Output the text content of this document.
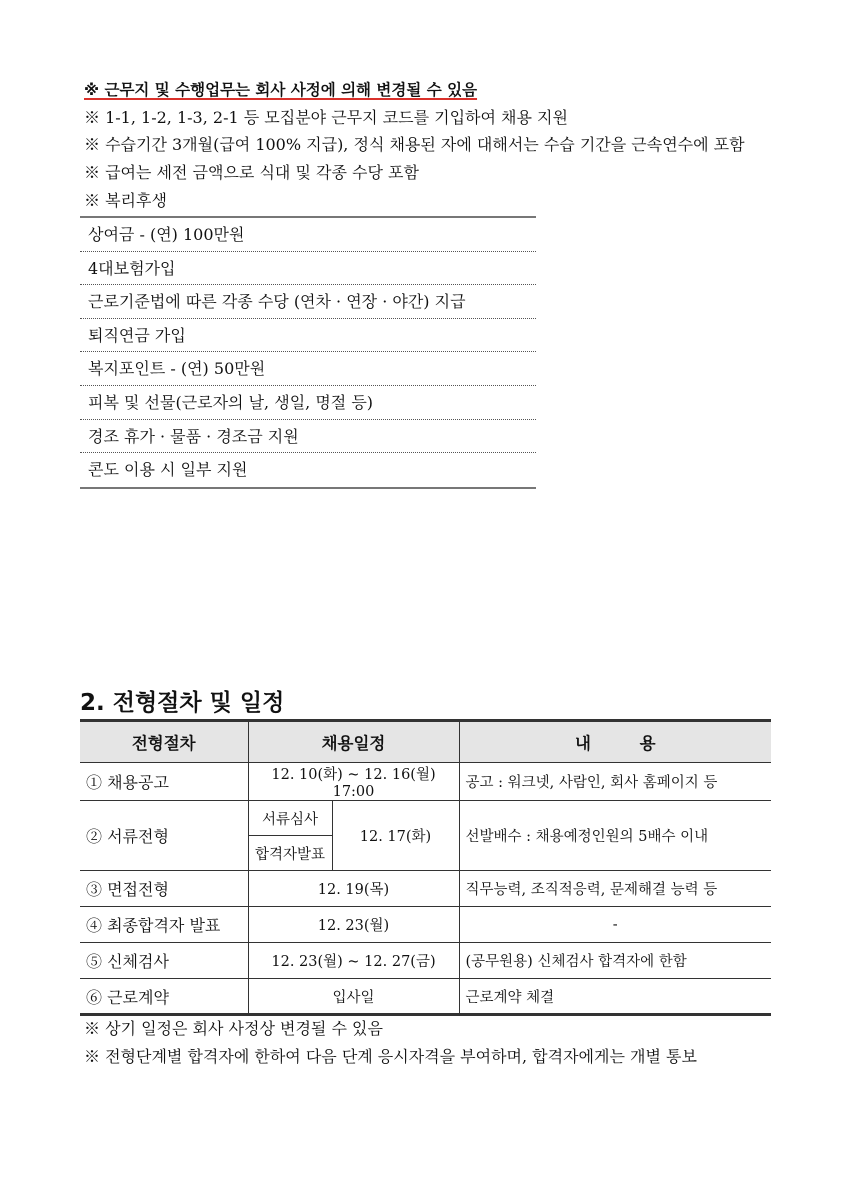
※ 근무지 및 수행업무는 회사 사정에 의해 변경될 수 있음
※ 1-1, 1-2, 1-3, 2-1 등 모집분야 근무지 코드를 기입하여 채용 지원
※ 수습기간 3개월(급여 100% 지급), 정식 채용된 자에 대해서는 수습 기간을 근속연수에 포함
※ 급여는 세전 금액으로 식대 및 각종 수당 포함
※ 복리후생
상여금 - (연) 100만원
4대보험가입
근로기준법에 따른 각종 수당 (연차 · 연장 · 야간) 지급
퇴직연금 가입
복지포인트 - (연) 50만원
피복 및 선물(근로자의 날, 생일, 명절 등)
경조 휴가 · 물품 · 경조금 지원
콘도 이용 시 일부 지원
2. 전형절차 및 일정
전형절차	채용일정		내 용
① 채용공고	12. 10(화) ~ 12. 16(월) 17:00		공고 : 워크넷, 사람인, 회사 홈페이지 등
② 서류전형	서류심사	12. 17(화)	선발배수 : 채용예정인원의 5배수 이내
	합격자발표		
③ 면접전형	12. 19(목)		직무능력, 조직적응력, 문제해결 능력 등
④ 최종합격자 발표	12. 23(월)		-
⑤ 신체검사	12. 23(월) ~ 12. 27(금)		(공무원용) 신체검사 합격자에 한함
⑥ 근로계약	입사일		근로계약 체결
※ 상기 일정은 회사 사정상 변경될 수 있음
※ 전형단계별 합격자에 한하여 다음 단계 응시자격을 부여하며, 합격자에게는 개별 통보
